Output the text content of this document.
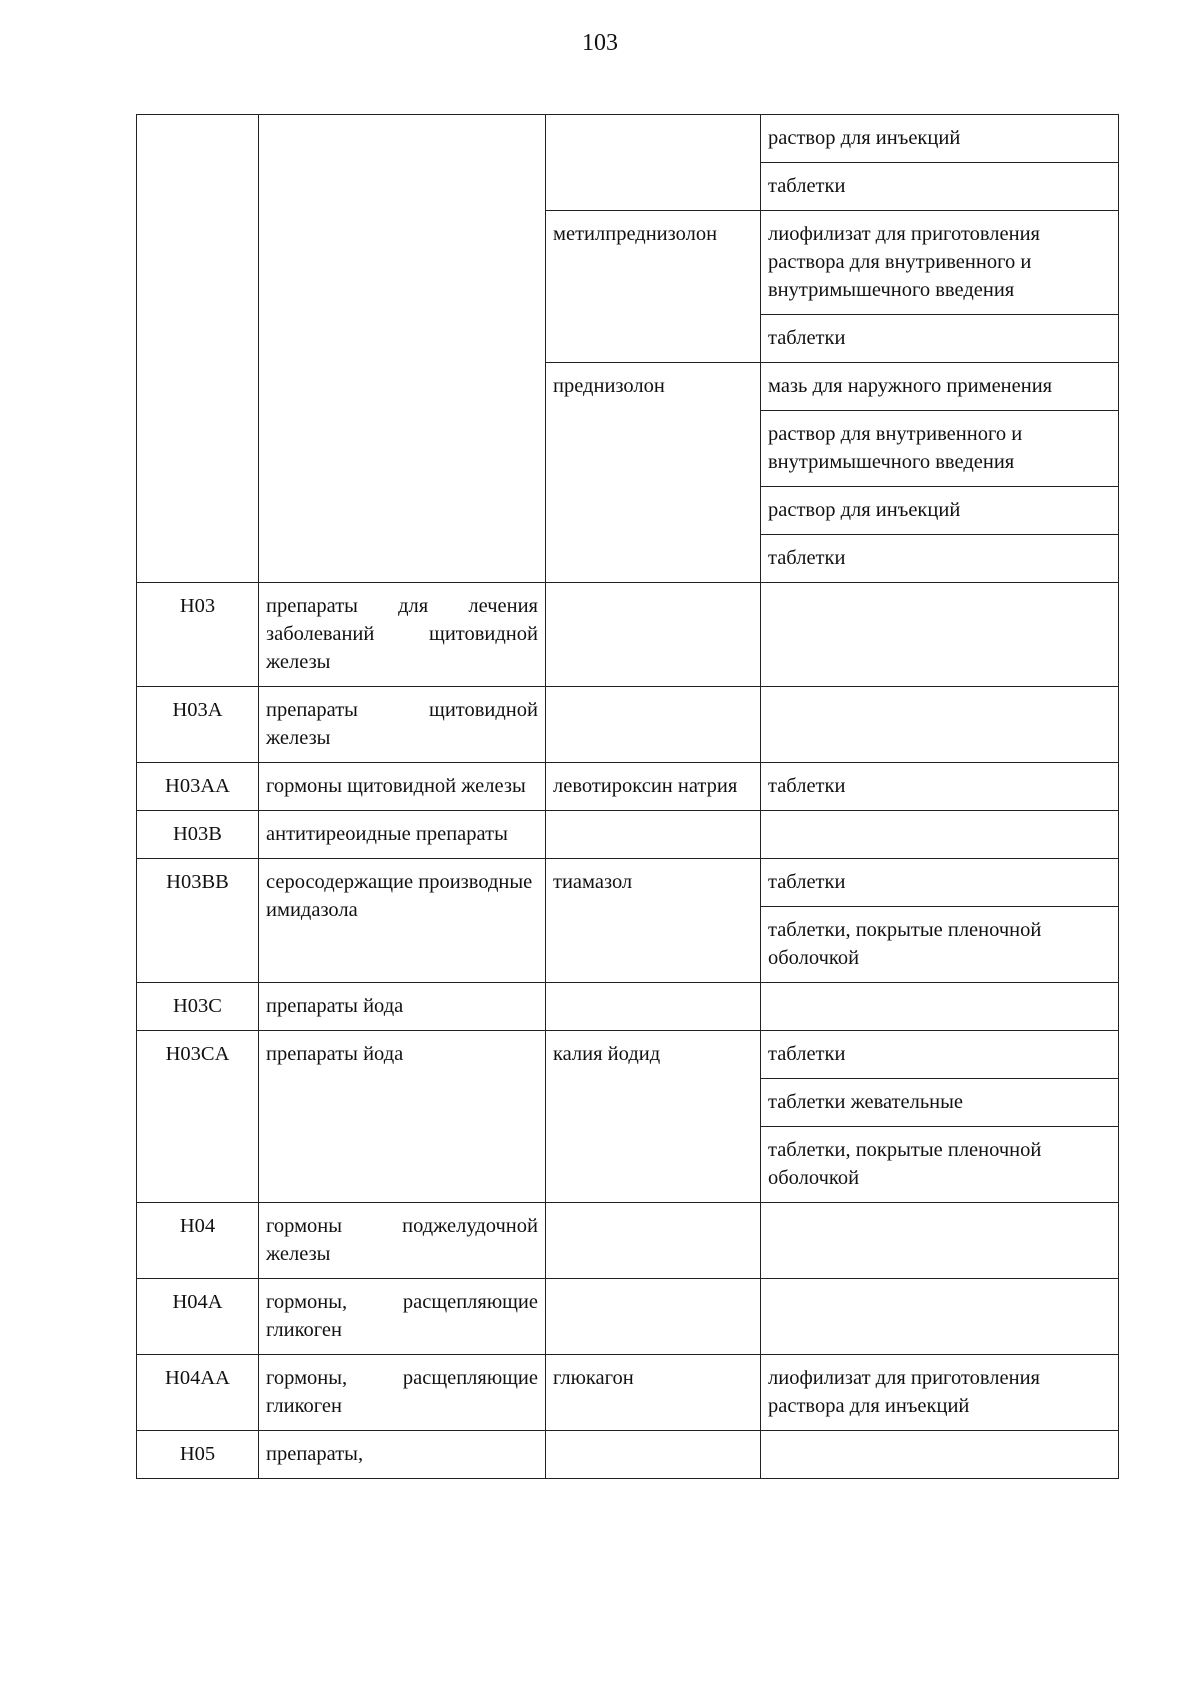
103
			раствор для инъекций
			таблетки
		метилпреднизолон	лиофилизат для приготовления раствора для внутривенного и внутримышечного введения
			таблетки
		преднизолон	мазь для наружного применения
			раствор для внутривенного и внутримышечного введения
			раствор для инъекций
			таблетки
H03	препараты для лечения заболеваний щитовидной железы		
H03A	препараты щитовидной железы		
H03AA	гормоны щитовидной железы	левотироксин натрия	таблетки
H03B	антитиреоидные препараты		
H03BB	серосодержащие производные имидазола	тиамазол	таблетки
			таблетки, покрытые пленочной оболочкой
H03C	препараты йода		
H03CA	препараты йода	калия йодид	таблетки
			таблетки жевательные
			таблетки, покрытые пленочной оболочкой
H04	гормоны поджелудочной железы		
H04A	гормоны, расщепляющие гликоген		
H04AA	гормоны, расщепляющие гликоген	глюкагон	лиофилизат для приготовления раствора для инъекций
H05	препараты,		
